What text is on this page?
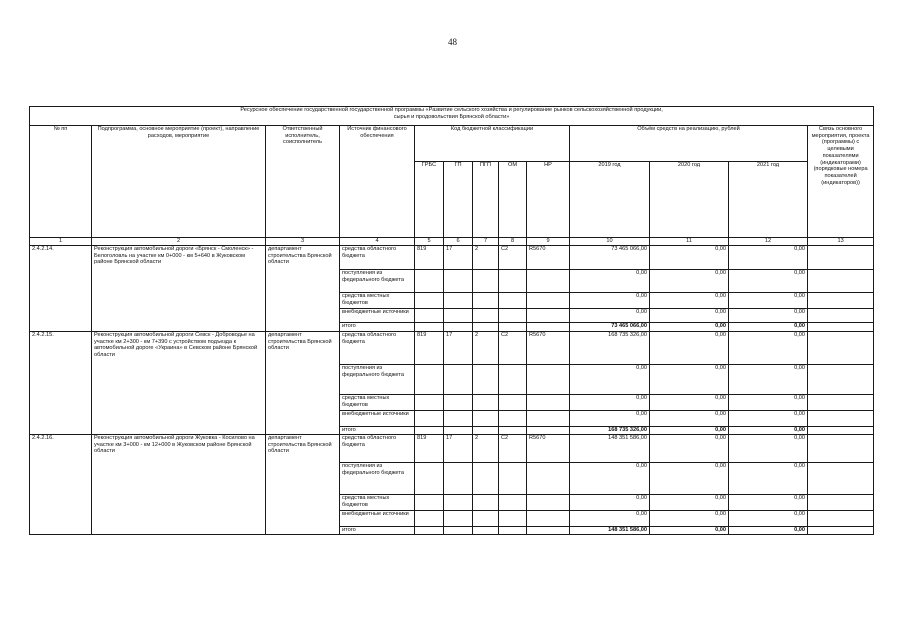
48
Ресурсное обеспечение государственной государственной программы «Развитие сельского хозяйства и регулирование рынков сельскохозяйственной продукции,
сырья и продовольствия Брянской области»												

№ пп	Подпрограмма, основное мероприятие (проект), направление расходов, мероприятие	Ответственный исполнитель, соисполнитель	Источник финансового обеспечения	Код бюджетной классификации					Объём средств на реализацию, рублей			Связь основного мероприятия, проекта (программы) с целевыми показателями (индикаторами) (порядковые номера показателей (индикаторов))
				ГРБС	ГП	ПГП	ОМ	НР	2019 год	2020 год	2021 год	
1	2	3	4	5	6	7	8	9	10	11	12	13
2.4.2.14.	Реконструкция автомобильной дороги «Брянск - Смоленск» - Белоголовль на участке км 0+000 - км 5+640 в Жуковском районе Брянской области	департамент строительства Брянской области	средства областного бюджета	819	17	2	С2	R5670	73 465 066,00	0,00	0,00	
			поступления из федерального бюджета						0,00	0,00	0,00	
			средства местных бюджетов						0,00	0,00	0,00	
			внебюджетные источники						0,00	0,00	0,00	
			итого						73 465 066,00	0,00	0,00	
2.4.2.15.	Реконструкция автомобильной дороги Севск - Доброводье на участке км 2+300 - км 7+390 с устройством подъезда к автомобильной дороге «Украина» в Севском районе Брянской области	департамент строительства Брянской области	средства областного бюджета	819	17	2	С2	R5670	168 735 326,00	0,00	0,00	
			поступления из федерального бюджета						0,00	0,00	0,00	
			средства местных бюджетов						0,00	0,00	0,00	
			внебюджетные источники						0,00	0,00	0,00	
			итого						168 735 326,00	0,00	0,00	
2.4.2.16.	Реконструкция автомобильной дороги Жуковка - Косилово на участке км 3+000 - км 12+000 в Жуковском районе Брянской области	департамент строительства Брянской области	средства областного бюджета	819	17	2	С2	R5670	148 351 586,00	0,00	0,00	
			поступления из федерального бюджета						0,00	0,00	0,00	
			средства местных бюджетов						0,00	0,00	0,00	
			внебюджетные источники						0,00	0,00	0,00	
			итого						148 351 586,00	0,00	0,00	
